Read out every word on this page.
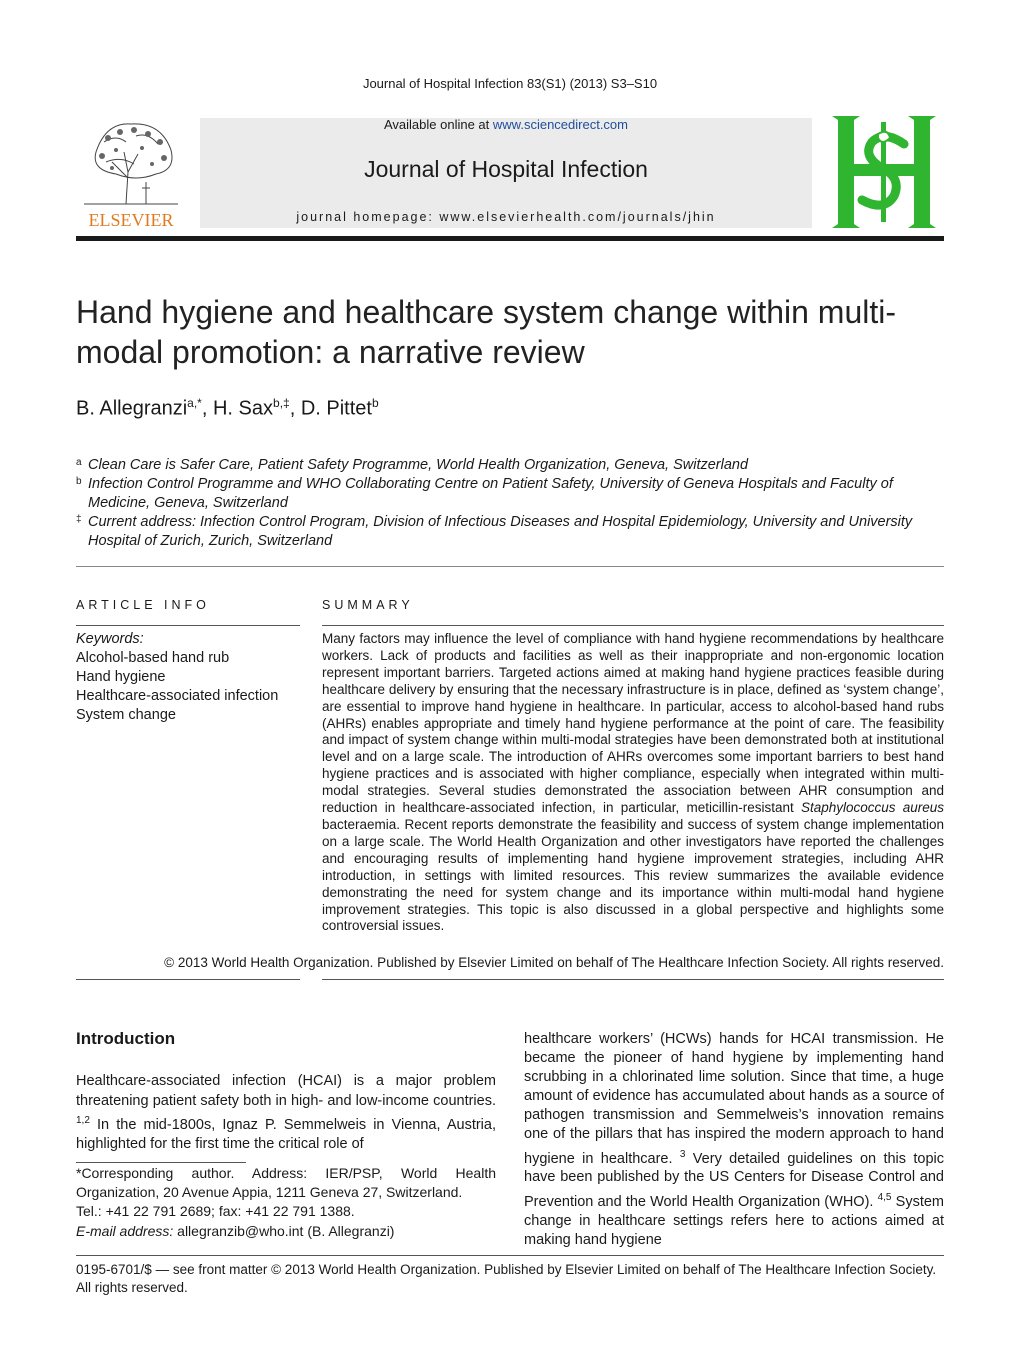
Journal of Hospital Infection 83(S1) (2013) S3–S10
ELSEVIER
Available online at www.sciencedirect.com
Journal of Hospital Infection
journal homepage: www.elsevierhealth.com/journals/jhin
Hand hygiene and healthcare system change within multi-modal promotion: a narrative review
B. Allegranzi$^{a,*}$, H. Sax$^{b,\ddagger}$, D. Pittet$^b$
a Clean Care is Safer Care, Patient Safety Programme, World Health Organization, Geneva, Switzerland
b Infection Control Programme and WHO Collaborating Centre on Patient Safety, University of Geneva Hospitals and Faculty of Medicine, Geneva, Switzerland
‡ Current address: Infection Control Program, Division of Infectious Diseases and Hospital Epidemiology, University and University Hospital of Zurich, Zurich, Switzerland
ARTICLE INFO	SUMMARY
Keywords:
Alcohol-based hand rub
Hand hygiene
Healthcare-associated infection
System change
Many factors may influence the level of compliance with hand hygiene recommendations by healthcare workers. Lack of products and facilities as well as their inappropriate and non-ergonomic location represent important barriers. Targeted actions aimed at making hand hygiene practices feasible during healthcare delivery by ensuring that the necessary infrastructure is in place, defined as ‘system change’, are essential to improve hand hygiene in healthcare. In particular, access to alcohol-based hand rubs (AHRs) enables appropriate and timely hand hygiene performance at the point of care. The feasibility and impact of system change within multi-modal strategies have been demonstrated both at institutional level and on a large scale. The introduction of AHRs overcomes some important barriers to best hand hygiene practices and is associated with higher compliance, especially when integrated within multi-modal strategies. Several studies demonstrated the association between AHR consumption and reduction in healthcare-associated infection, in particular, meticillin-resistant Staphylococcus aureus bacteraemia. Recent reports demonstrate the feasibility and success of system change implementation on a large scale. The World Health Organization and other investigators have reported the challenges and encouraging results of implementing hand hygiene improvement strategies, including AHR introduction, in settings with limited resources. This review summarizes the available evidence demonstrating the need for system change and its importance within multi-modal hand hygiene improvement strategies. This topic is also discussed in a global perspective and highlights some controversial issues.
© 2013 World Health Organization. Published by Elsevier Limited on behalf of The Healthcare Infection Society. All rights reserved.
Introduction
Healthcare-associated infection (HCAI) is a major problem threatening patient safety both in high- and low-income countries. $^{1,2}$ In the mid-1800s, Ignaz P. Semmelweis in Vienna, Austria, highlighted for the first time the critical role of
healthcare workers’ (HCWs) hands for HCAI transmission. He became the pioneer of hand hygiene by implementing hand scrubbing in a chlorinated lime solution. Since that time, a huge amount of evidence has accumulated about hands as a source of pathogen transmission and Semmelweis’s innovation remains one of the pillars that has inspired the modern approach to hand hygiene in healthcare. $^3$ Very detailed guidelines on this topic have been published by the US Centers for Disease Control and Prevention and the World Health Organization (WHO). $^{4,5}$ System change in healthcare settings refers here to actions aimed at making hand hygiene
*Corresponding author. Address: IER/PSP, World Health Organization, 20 Avenue Appia, 1211 Geneva 27, Switzerland.
Tel.: +41 22 791 2689; fax: +41 22 791 1388.
E-mail address: allegranzib@who.int (B. Allegranzi)
0195-6701/$ — see front matter © 2013 World Health Organization. Published by Elsevier Limited on behalf of The Healthcare Infection Society. All rights reserved.
